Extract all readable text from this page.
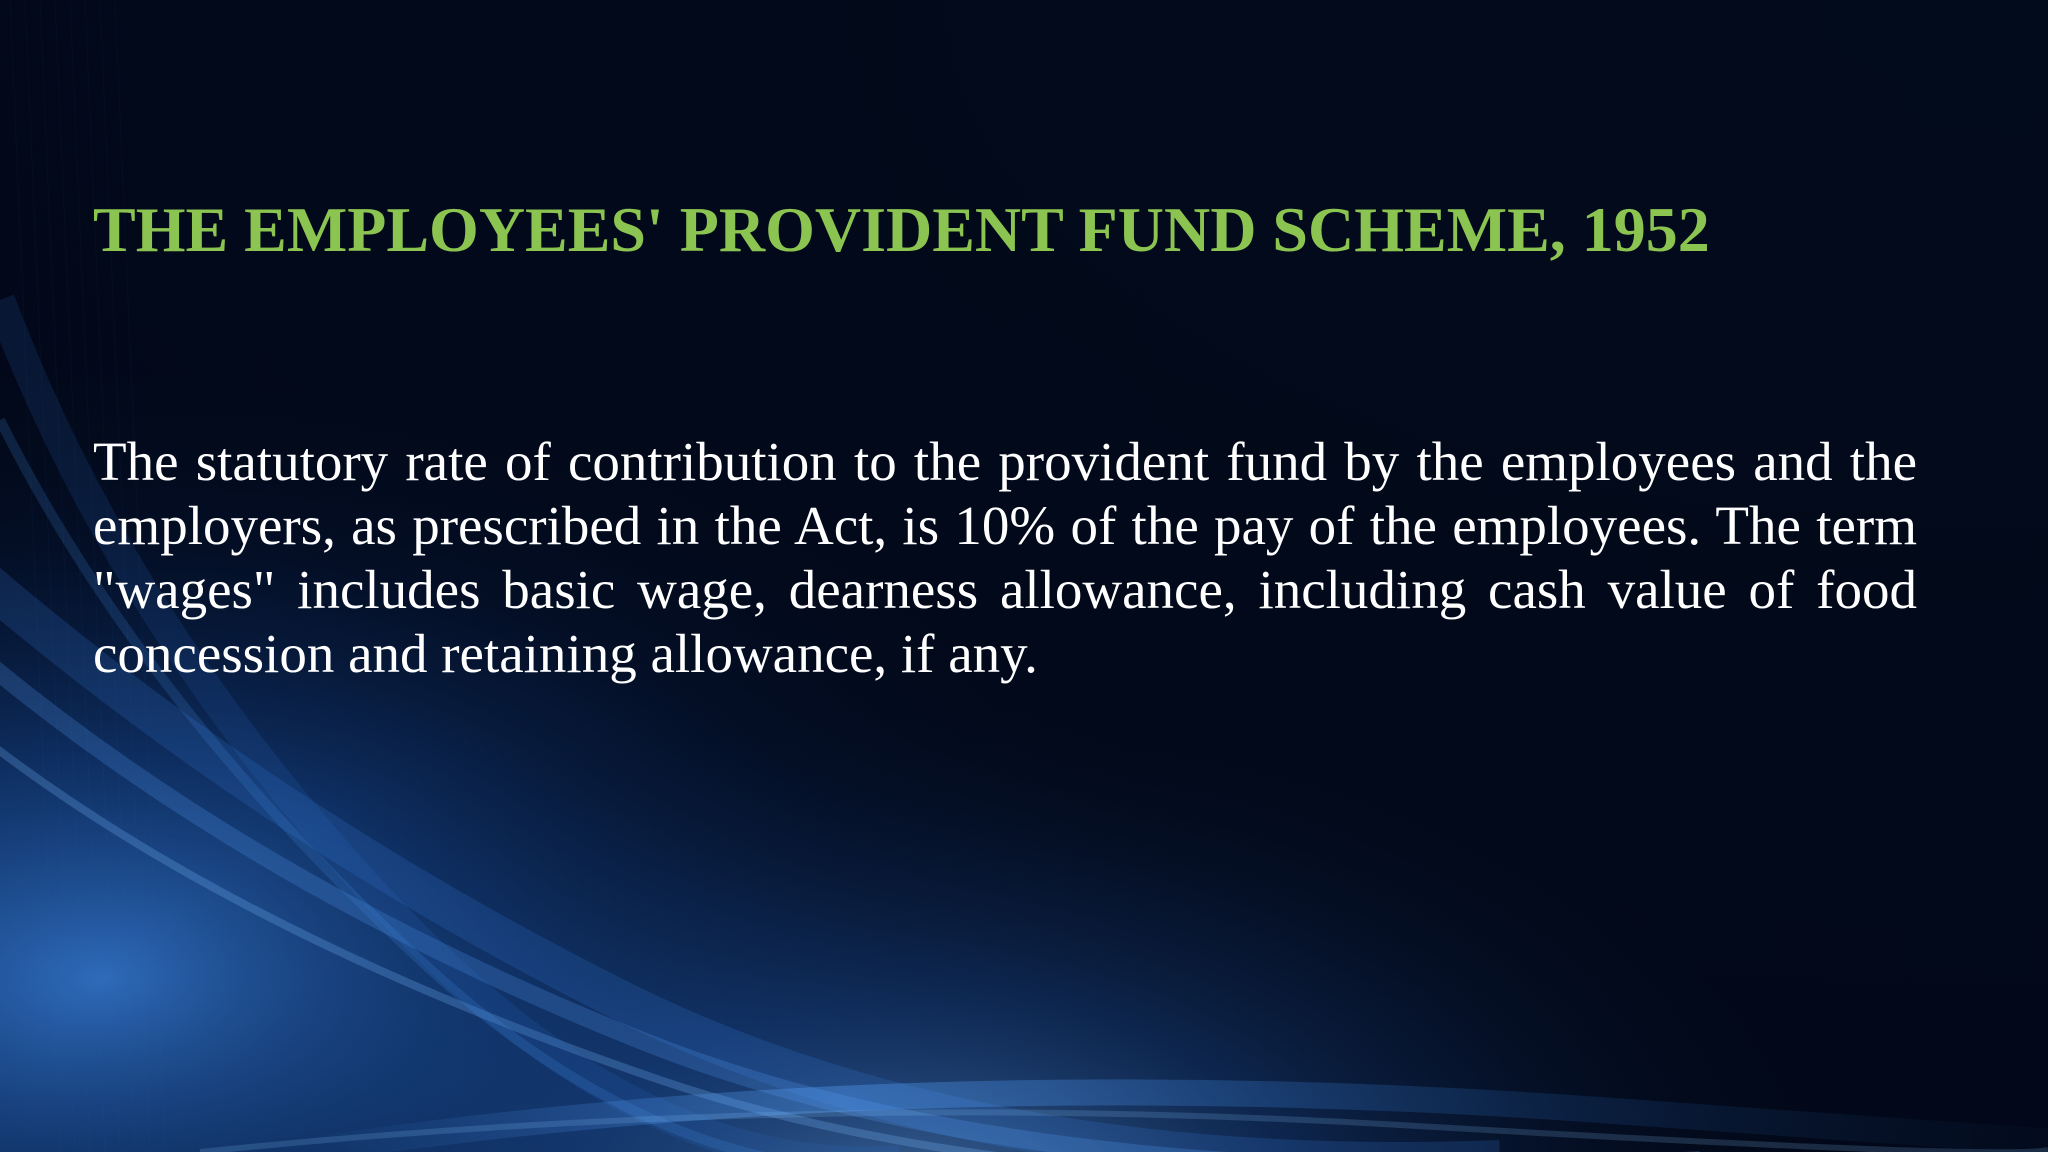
THE EMPLOYEES' PROVIDENT FUND SCHEME, 1952

The statutory rate of contribution to the provident fund by the employees and the employers, as prescribed in the Act, is 10% of the pay of the employees. The term "wages" includes basic wage, dearness allowance, including cash value of food concession and retaining allowance, if any.
